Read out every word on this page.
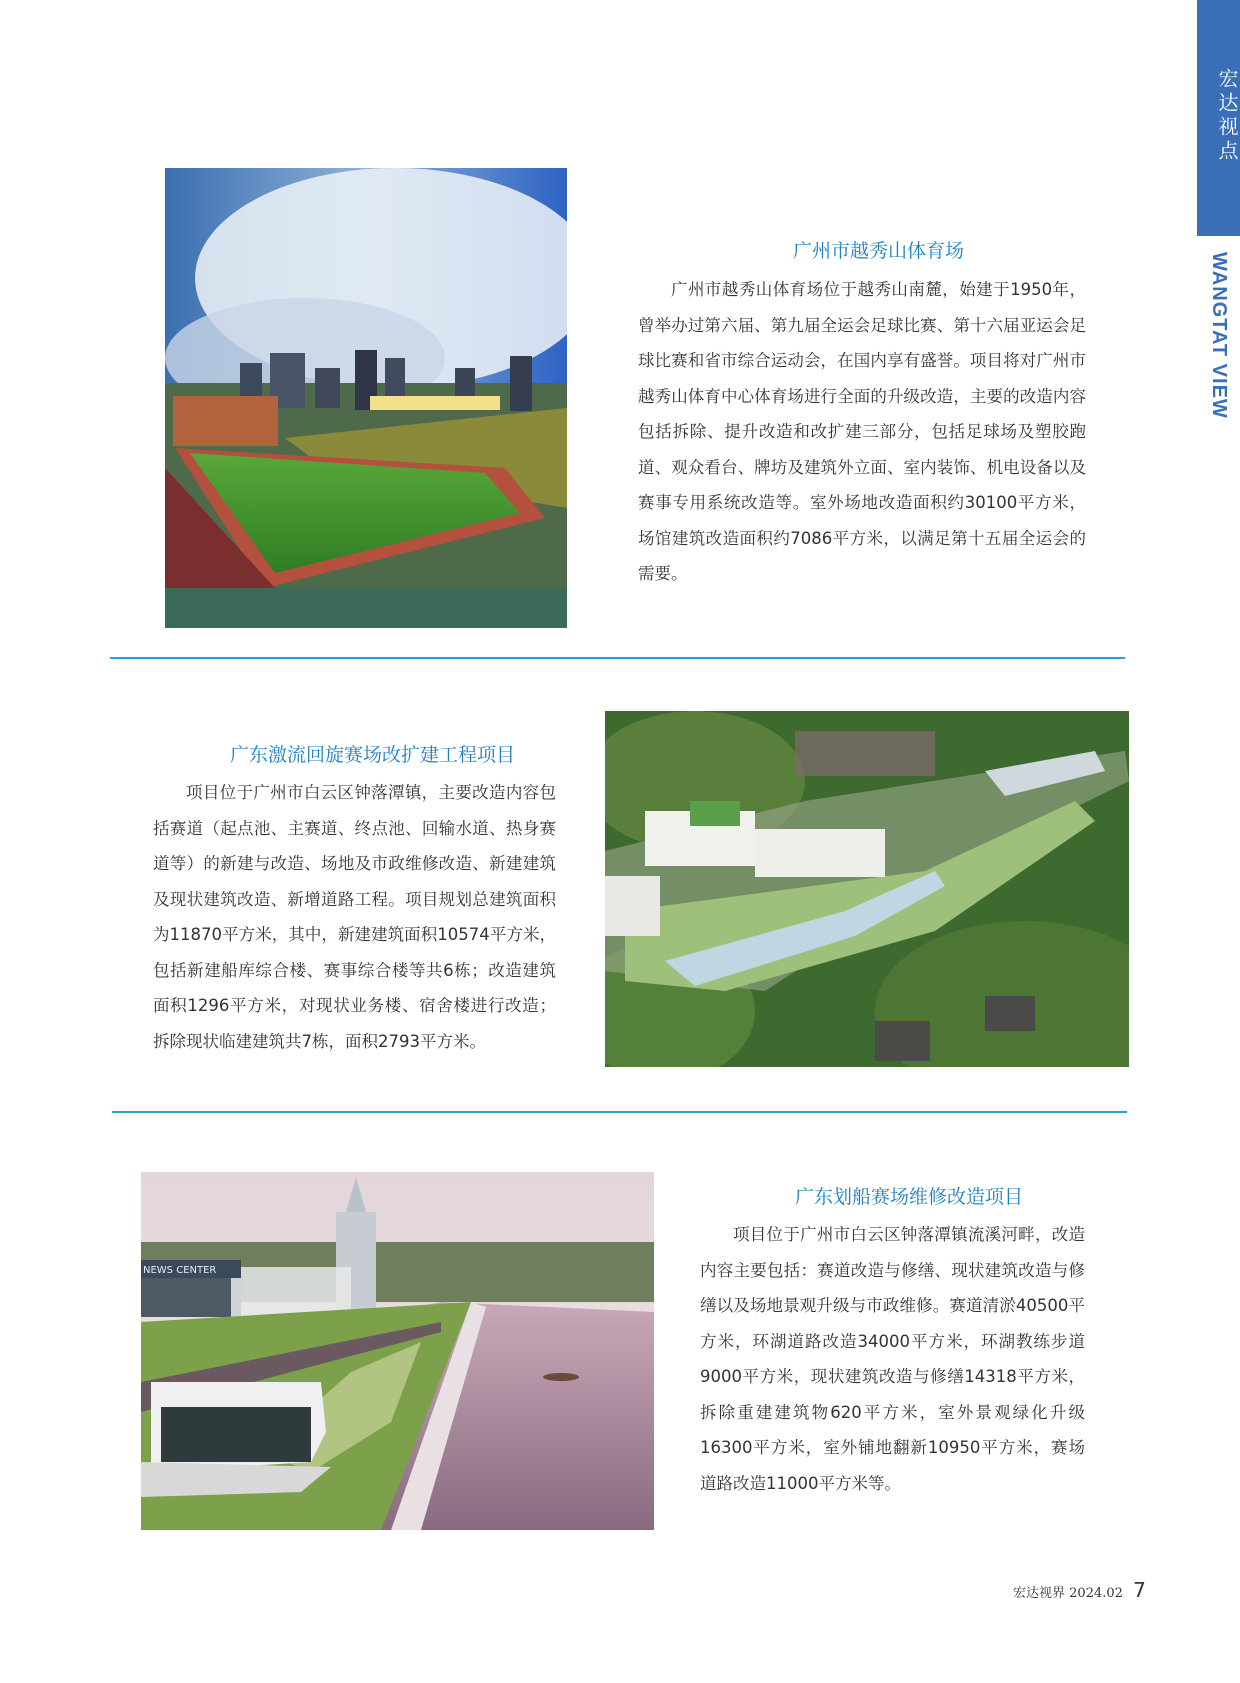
宏达视点
WANGTAT VIEW
广州市越秀山体育场
广州市越秀山体育场位于越秀山南麓，始建于1950年，曾举办过第六届、第九届全运会足球比赛、第十六届亚运会足球比赛和省市综合运动会，在国内享有盛誉。项目将对广州市越秀山体育中心体育场进行全面的升级改造，主要的改造内容包括拆除、提升改造和改扩建三部分，包括足球场及塑胶跑道、观众看台、牌坊及建筑外立面、室内装饰、机电设备以及赛事专用系统改造等。室外场地改造面积约30100平方米，场馆建筑改造面积约7086平方米，以满足第十五届全运会的需要。
广东激流回旋赛场改扩建工程项目
项目位于广州市白云区钟落潭镇，主要改造内容包括赛道（起点池、主赛道、终点池、回输水道、热身赛道等）的新建与改造、场地及市政维修改造、新建建筑及现状建筑改造、新增道路工程。项目规划总建筑面积为11870平方米，其中，新建建筑面积10574平方米，包括新建船库综合楼、赛事综合楼等共6栋；改造建筑面积1296平方米，对现状业务楼、宿舍楼进行改造；拆除现状临建建筑共7栋，面积2793平方米。
NEWS CENTER
广东划船赛场维修改造项目
项目位于广州市白云区钟落潭镇流溪河畔，改造内容主要包括：赛道改造与修缮、现状建筑改造与修缮以及场地景观升级与市政维修。赛道清淤40500平方米，环湖道路改造34000平方米，环湖教练步道9000平方米，现状建筑改造与修缮14318平方米，拆除重建建筑物620平方米，室外景观绿化升级16300平方米，室外铺地翻新10950平方米，赛场道路改造11000平方米等。
宏达视界 2024.02 7
